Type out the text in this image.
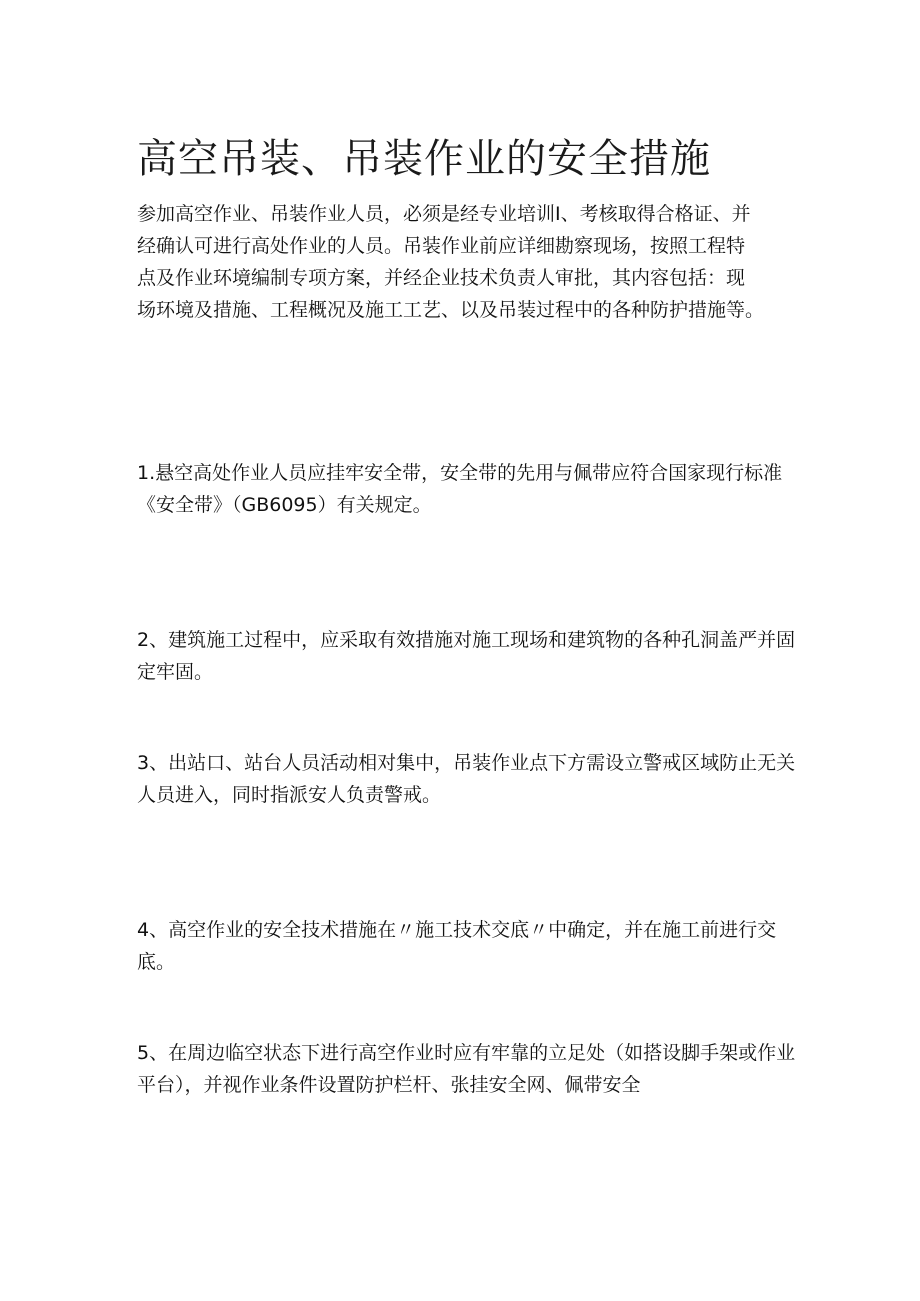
高空吊装、吊装作业的安全措施
参加高空作业、吊装作业人员，必须是经专业培训I、考核取得合格证、并
经确认可进行高处作业的人员。吊装作业前应详细勘察现场，按照工程特
点及作业环境编制专项方案，并经企业技术负责人审批，其内容包括：现
场环境及措施、工程概况及施工工艺、以及吊装过程中的各种防护措施等。

1.悬空高处作业人员应挂牢安全带，安全带的先用与佩带应符合国家现行标准《安全带》（GB6095）有关规定。

2、建筑施工过程中，应采取有效措施对施工现场和建筑物的各种孔洞盖严并固定牢固。

3、出站口、站台人员活动相对集中，吊装作业点下方需设立警戒区域防止无关人员进入，同时指派安人负责警戒。

4、高空作业的安全技术措施在〃施工技术交底〃中确定，并在施工前进行交底。

5、在周边临空状态下进行高空作业时应有牢靠的立足处（如搭设脚手架或作业平台），并视作业条件设置防护栏杆、张挂安全网、佩带安全
